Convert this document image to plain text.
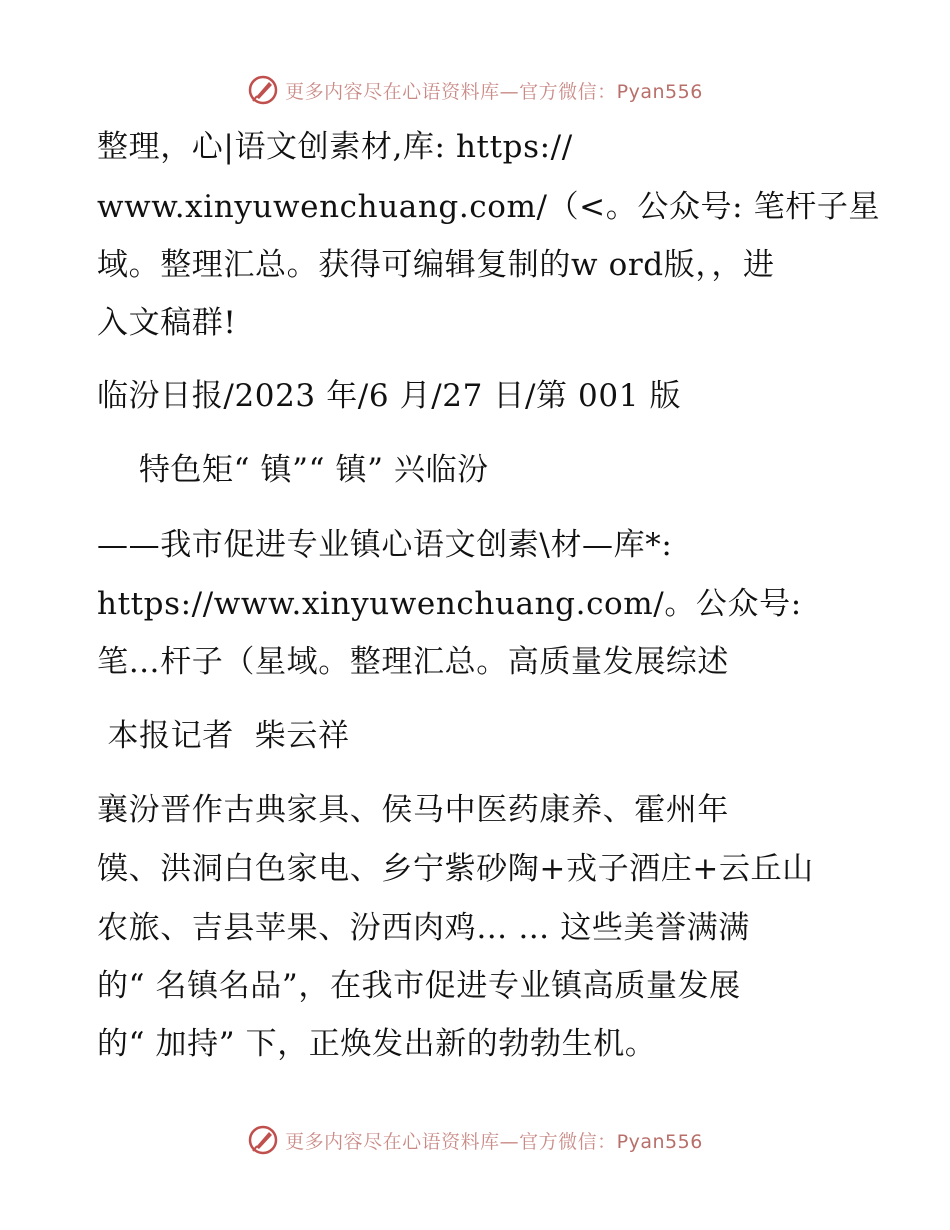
更多内容尽在心语资料库—官方微信：Pyan556

整理，心|语文创素材,库: https://

www.xinyuwenchuang.com/（<。公众号: 笔杆子星

域。整理汇总。获得可编辑复制的w ord版，，进

入文稿群!

临汾日报/2023 年/6 月/27 日/第 001 版

特色矩“ 镇”“ 镇” 兴临汾

——我市促进专业镇心语文创素\材—库*:

https://www.xinyuwenchuang.com/。公众号:

笔…杆子（星域。整理汇总。高质量发展综述

本报记者  柴云祥

襄汾晋作古典家具、侯马中医药康养、霍州年

馍、洪洞白色家电、乡宁紫砂陶+戎子酒庄+云丘山

农旅、吉县苹果、汾西肉鸡… … 这些美誉满满

的“ 名镇名品”，在我市促进专业镇高质量发展

的“ 加持” 下，正焕发出新的勃勃生机。

更多内容尽在心语资料库—官方微信：Pyan556
